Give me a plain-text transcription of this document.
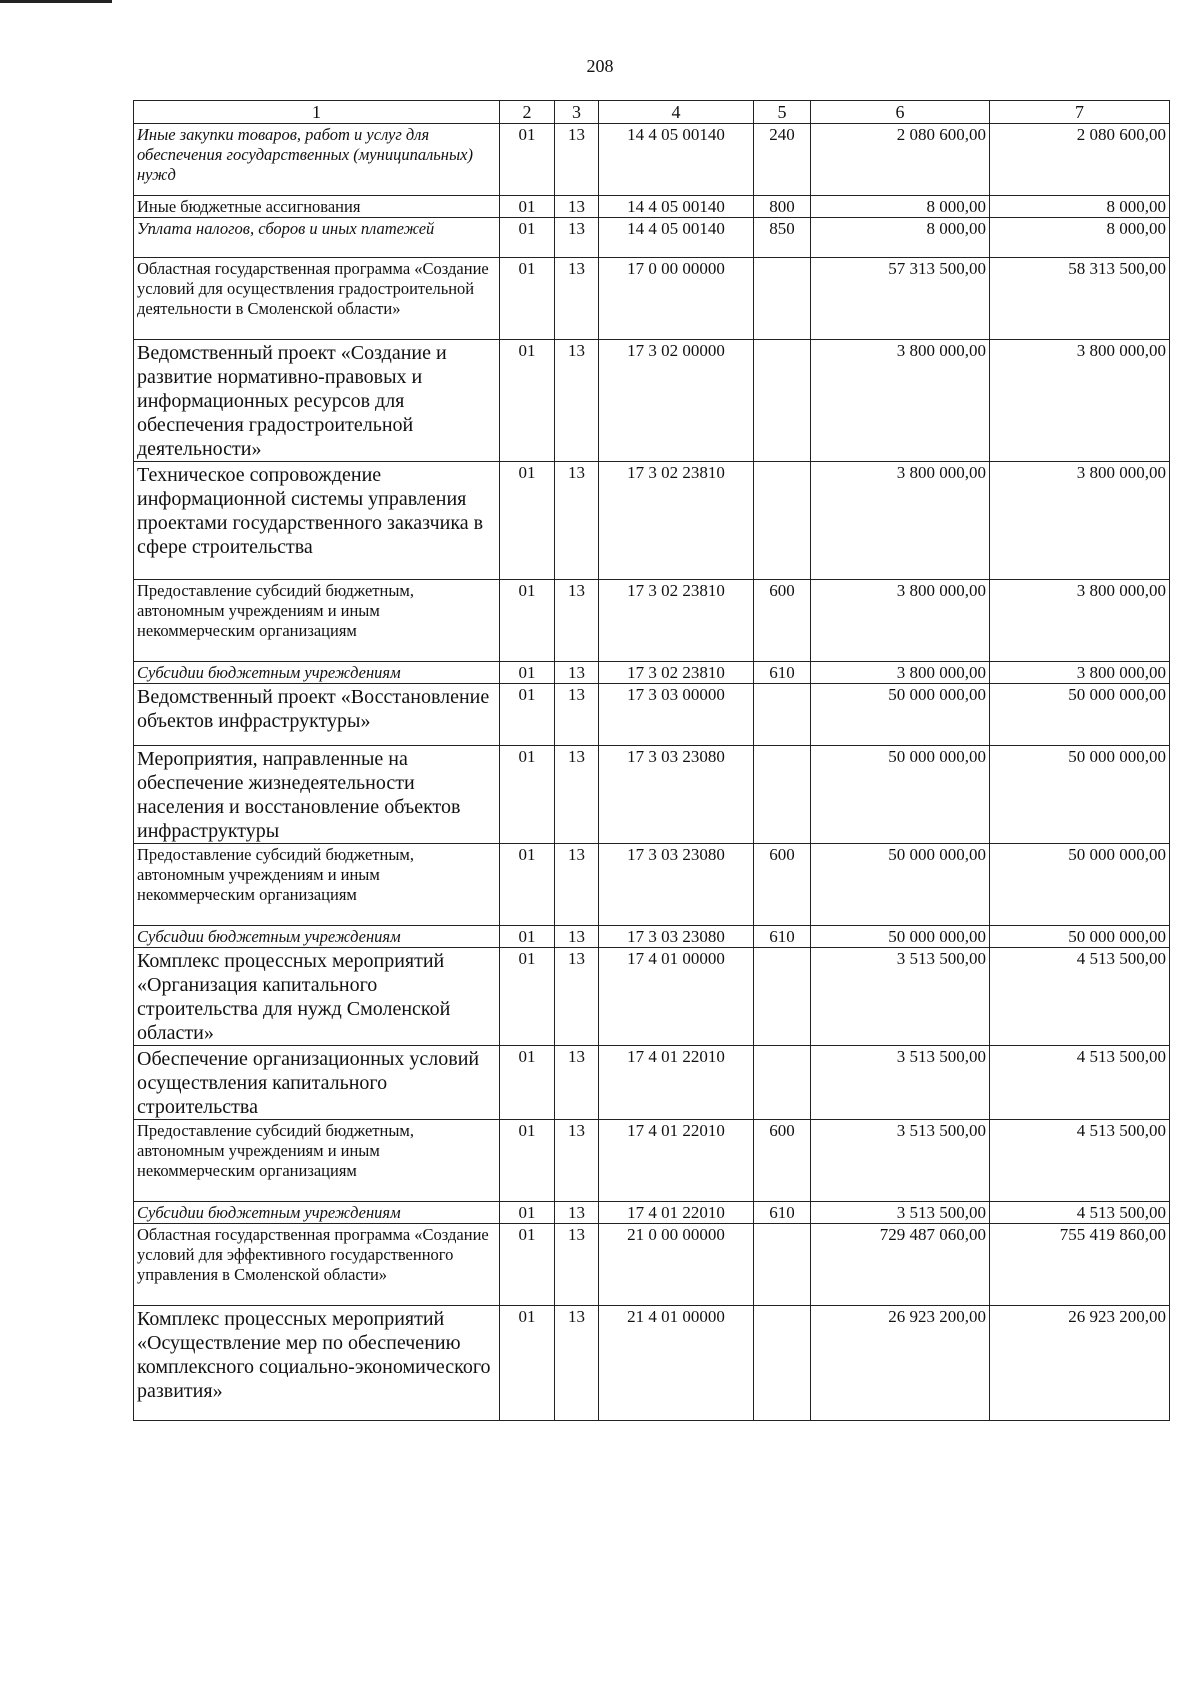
208
1	2	3	4	5	6	7
Иные закупки товаров, работ и услуг для обеспечения государственных (муниципальных) нужд	01	13	14 4 05 00140	240	2 080 600,00	2 080 600,00
Иные бюджетные ассигнования	01	13	14 4 05 00140	800	8 000,00	8 000,00
Уплата налогов, сборов и иных платежей	01	13	14 4 05 00140	850	8 000,00	8 000,00
Областная государственная программа «Создание условий для осуществления градостроительной деятельности в Смоленской области»	01	13	17 0 00 00000		57 313 500,00	58 313 500,00
Ведомственный проект «Создание и развитие нормативно-правовых и информационных ресурсов для обеспечения градостроительной деятельности»	01	13	17 3 02 00000		3 800 000,00	3 800 000,00
Техническое сопровождение информационной системы управления проектами государственного заказчика в сфере строительства	01	13	17 3 02 23810		3 800 000,00	3 800 000,00
Предоставление субсидий бюджетным, автономным учреждениям и иным некоммерческим организациям	01	13	17 3 02 23810	600	3 800 000,00	3 800 000,00
Субсидии бюджетным учреждениям	01	13	17 3 02 23810	610	3 800 000,00	3 800 000,00
Ведомственный проект «Восстановление объектов инфраструктуры»	01	13	17 3 03 00000		50 000 000,00	50 000 000,00
Мероприятия, направленные на обеспечение жизнедеятельности населения и восстановление объектов инфраструктуры	01	13	17 3 03 23080		50 000 000,00	50 000 000,00
Предоставление субсидий бюджетным, автономным учреждениям и иным некоммерческим организациям	01	13	17 3 03 23080	600	50 000 000,00	50 000 000,00
Субсидии бюджетным учреждениям	01	13	17 3 03 23080	610	50 000 000,00	50 000 000,00
Комплекс процессных мероприятий «Организация капитального строительства для нужд Смоленской области»	01	13	17 4 01 00000		3 513 500,00	4 513 500,00
Обеспечение организационных условий осуществления капитального строительства	01	13	17 4 01 22010		3 513 500,00	4 513 500,00
Предоставление субсидий бюджетным, автономным учреждениям и иным некоммерческим организациям	01	13	17 4 01 22010	600	3 513 500,00	4 513 500,00
Субсидии бюджетным учреждениям	01	13	17 4 01 22010	610	3 513 500,00	4 513 500,00
Областная государственная программа «Создание условий для эффективного государственного управления в Смоленской области»	01	13	21 0 00 00000		729 487 060,00	755 419 860,00
Комплекс процессных мероприятий «Осуществление мер по обеспечению комплексного социально-экономического развития»	01	13	21 4 01 00000		26 923 200,00	26 923 200,00
